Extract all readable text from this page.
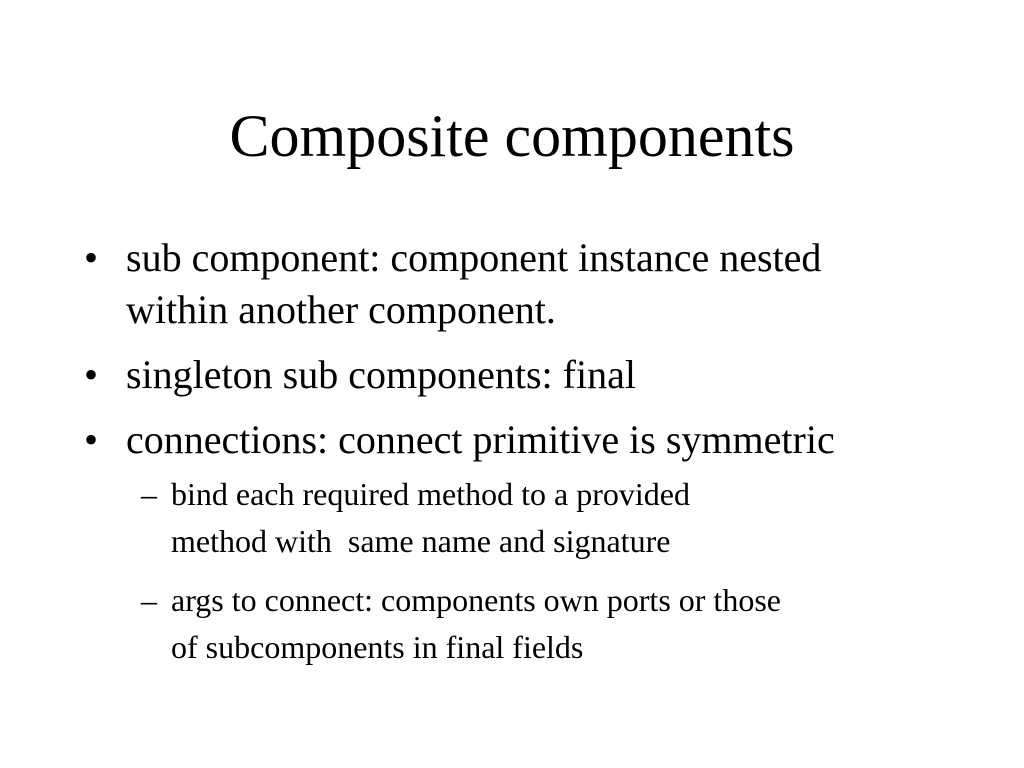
Composite components
• sub component: component instance nested
within another component.
• singleton sub components: final
• connections: connect primitive is symmetric
– bind each required method to a provided
method with  same name and signature
– args to connect: components own ports or those
of subcomponents in final fields
